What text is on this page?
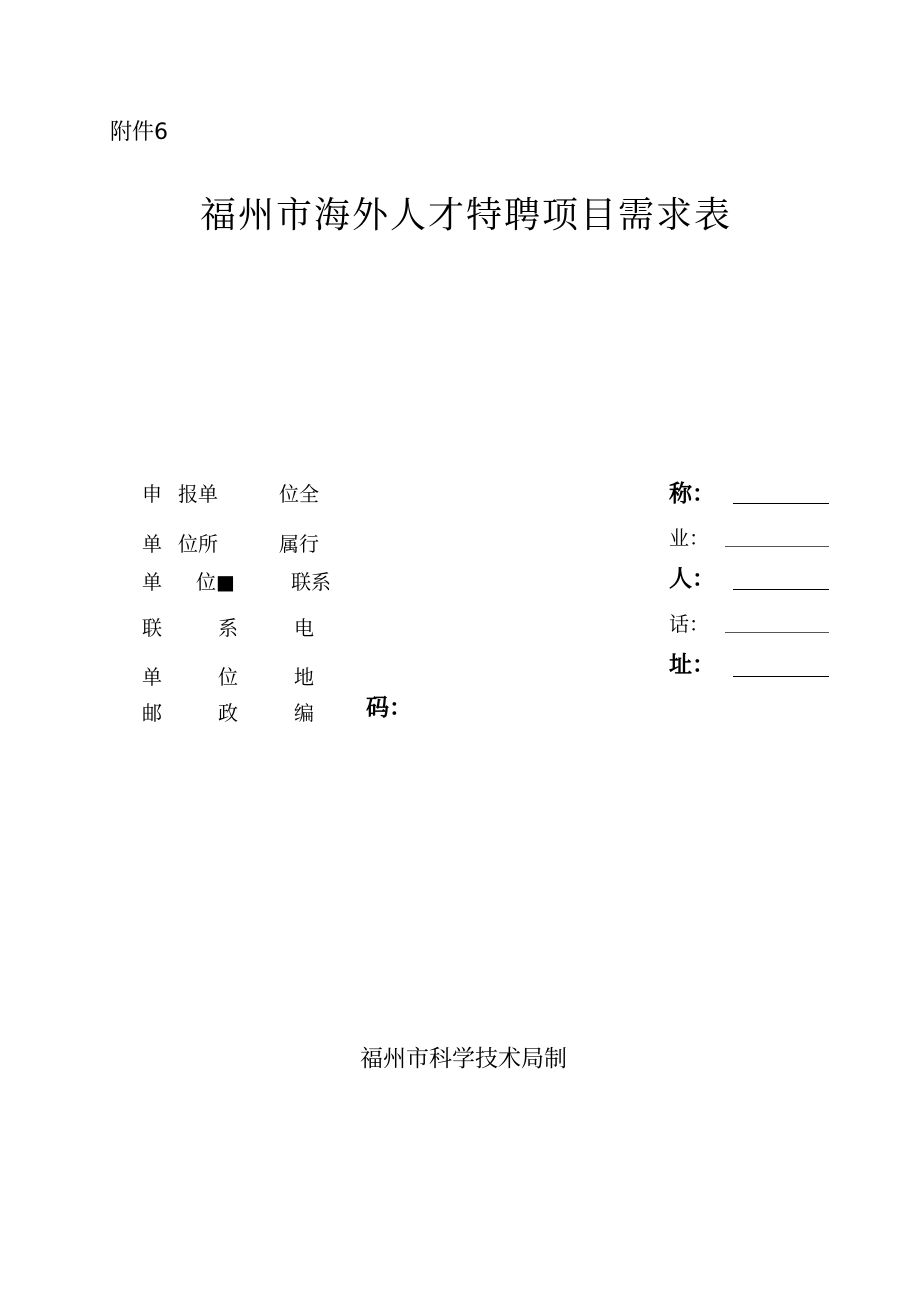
附件6
福州市海外人才特聘项目需求表
申 报单	位全	称：
单 位所	属行	业：
单 位■	联系	人：
联	系	电	话：
单	位	地	址：
邮	政	编 码：
福州市科学技术局制
